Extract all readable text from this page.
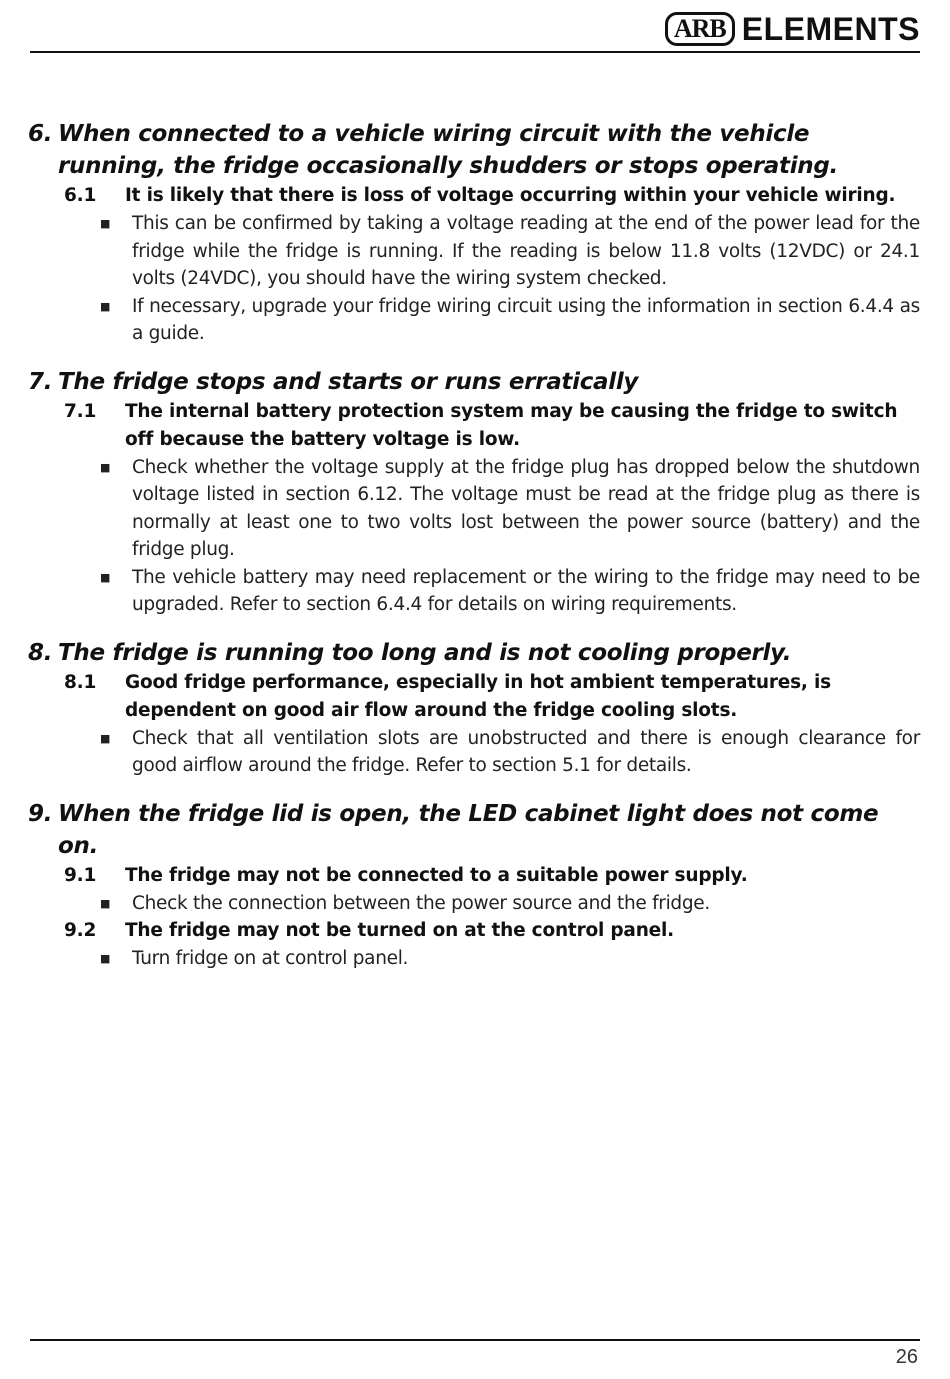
ARB ELEMENTS
6. When connected to a vehicle wiring circuit with the vehicle running, the fridge occasionally shudders or stops operating.
6.1	It is likely that there is loss of voltage occurring within your vehicle wiring.
■	This can be confirmed by taking a voltage reading at the end of the power lead for the fridge while the fridge is running. If the reading is below 11.8 volts (12VDC) or 24.1 volts (24VDC), you should have the wiring system checked.
■	If necessary, upgrade your fridge wiring circuit using the information in section 6.4.4 as a guide.
7. The fridge stops and starts or runs erratically
7.1	The internal battery protection system may be causing the fridge to switch off because the battery voltage is low.
■	Check whether the voltage supply at the fridge plug has dropped below the shutdown voltage listed in section 6.12. The voltage must be read at the fridge plug as there is normally at least one to two volts lost between the power source (battery) and the fridge plug.
■	The vehicle battery may need replacement or the wiring to the fridge may need to be upgraded. Refer to section 6.4.4 for details on wiring requirements.
8. The fridge is running too long and is not cooling properly.
8.1	Good fridge performance, especially in hot ambient temperatures, is dependent on good air flow around the fridge cooling slots.
■	Check that all ventilation slots are unobstructed and there is enough clearance for good airflow around the fridge. Refer to section 5.1 for details.
9. When the fridge lid is open, the LED cabinet light does not come on.
9.1	The fridge may not be connected to a suitable power supply.
■	Check the connection between the power source and the fridge.
9.2	The fridge may not be turned on at the control panel.
■	Turn fridge on at control panel.
26
